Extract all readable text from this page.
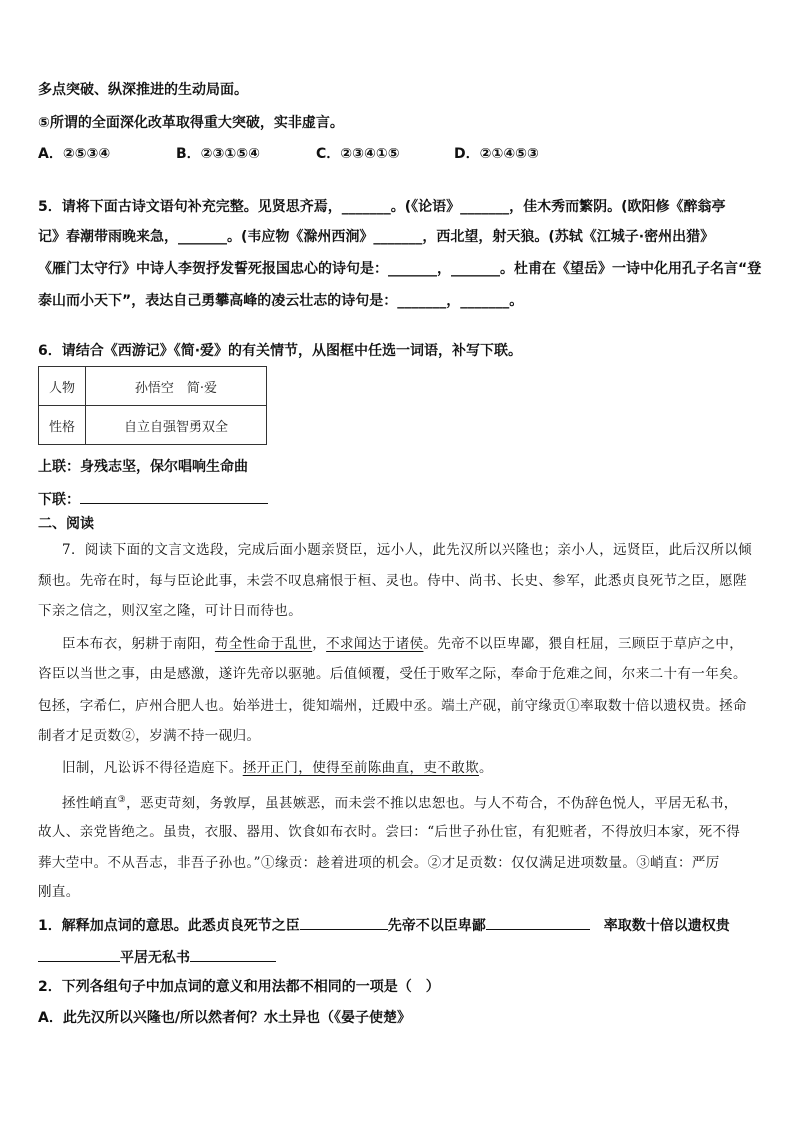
多点突破、纵深推进的生动局面。
⑤所谓的全面深化改革取得重大突破，实非虚言。
A．②⑤③④	B．②③①⑤④	C．②③④①⑤	D．②①④⑤③
5．请将下面古诗文语句补充完整。见贤思齐焉，_______。(《论语》_______，佳木秀而繁阴。(欧阳修《醉翁亭
记》春潮带雨晚来急，_______。(韦应物《滁州西涧》_______，西北望，射天狼。(苏轼《江城子·密州出猎》
《雁门太守行》中诗人李贺抒发誓死报国忠心的诗句是：_______，_______。杜甫在《望岳》一诗中化用孔子名言“登
泰山而小天下”，表达自己勇攀高峰的凌云壮志的诗句是：_______，_______。
6．请结合《西游记》《简·爱》的有关情节，从图框中任选一词语，补写下联。
人物	孙悟空　简·爱
性格	自立自强智勇双全
上联：身残志坚，保尔唱响生命曲
下联：
二、阅读
7．阅读下面的文言文选段，完成后面小题亲贤臣，远小人，此先汉所以兴隆也；亲小人，远贤臣，此后汉所以倾
颓也。先帝在时，每与臣论此事，未尝不叹息痛恨于桓、灵也。侍中、尚书、长史、参军，此悉贞良死节之臣，愿陛
下亲之信之，则汉室之隆，可计日而待也。
臣本布衣，躬耕于南阳，苟全性命于乱世，不求闻达于诸侯。先帝不以臣卑鄙，猥自枉屈，三顾臣于草庐之中，
咨臣以当世之事，由是感激，遂许先帝以驱驰。后值倾覆，受任于败军之际，奉命于危难之间，尔来二十有一年矣。
包拯，字希仁，庐州合肥人也。始举进士，徙知端州，迁殿中丞。端土产砚，前守缘贡①率取数十倍以遗权贵。拯命
制者才足贡数②，岁满不持一砚归。
旧制，凡讼诉不得径造庭下。拯开正门，使得至前陈曲直，吏不敢欺。
拯性峭直③，恶吏苛刻，务敦厚，虽甚嫉恶，而未尝不推以忠恕也。与人不苟合，不伪辞色悦人，平居无私书，
故人、亲党皆绝之。虽贵，衣服、器用、饮食如布衣时。尝曰：“后世子孙仕宦，有犯赃者，不得放归本家，死不得
葬大茔中。不从吾志，非吾子孙也。”①缘贡：趁着进项的机会。②才足贡数：仅仅满足进项数量。③峭直：严厉
刚直。
1．解释加点词的意思。此悉贞良死节之臣	先帝不以臣卑鄙	率取数十倍以遗权贵
平居无私书
2．下列各组句子中加点词的意义和用法都不相同的一项是（　）
A．此先汉所以兴隆也/所以然者何？水土异也（《晏子使楚》
